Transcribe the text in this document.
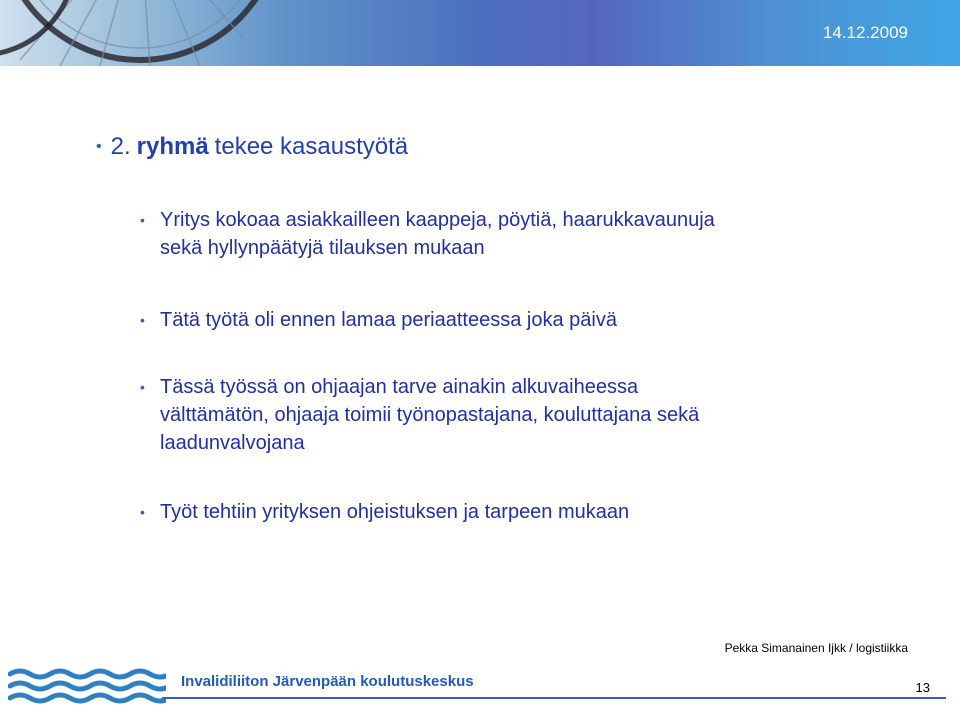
14.12.2009
• 2. ryhmä tekee kasaustyötä
• Yritys kokoaa asiakkailleen kaappeja, pöytiä, haarukkavaunuja
sekä hyllynpäätyjä tilauksen mukaan
• Tätä työtä oli ennen lamaa periaatteessa joka päivä
• Tässä työssä on ohjaajan tarve ainakin alkuvaiheessa
välttämätön, ohjaaja toimii työnopastajana, kouluttajana sekä
laadunvalvojana
• Työt tehtiin yrityksen ohjeistuksen ja tarpeen mukaan
Pekka Simanainen Ijkk / logistiikka
Invalidiliiton Järvenpään koulutuskeskus	13
